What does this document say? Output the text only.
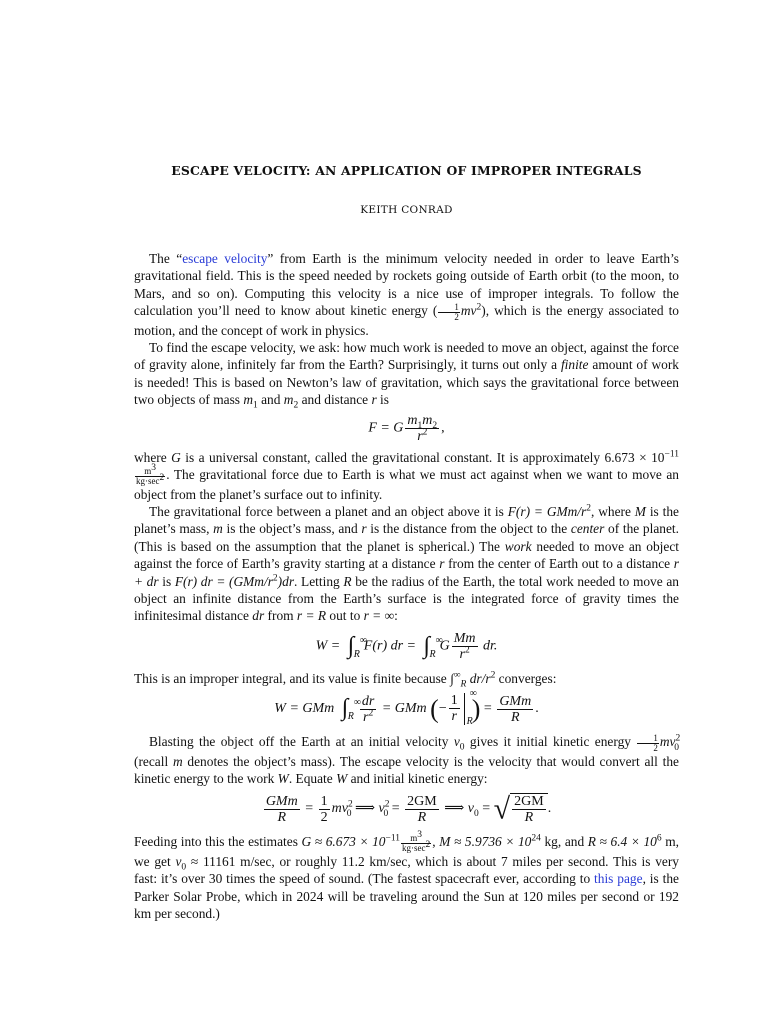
ESCAPE VELOCITY: AN APPLICATION OF IMPROPER INTEGRALS
KEITH CONRAD

The “escape velocity” from Earth is the minimum velocity needed in order to leave Earth’s gravitational field. This is the speed needed by rockets going outside of Earth orbit (to the moon, to Mars, and so on). Computing this velocity is a nice use of improper integrals. To follow the calculation you’ll need to know about kinetic energy ( $\frac{1}{2} mv^2$), which is the energy associated to motion, and the concept of work in physics.

To find the escape velocity, we ask: how much work is needed to move an object, against the force of gravity alone, infinitely far from the Earth? Surprisingly, it turns out only a finite amount of work is needed! This is based on Newton’s law of gravitation, which says the gravitational force between two objects of mass $m_1$ and $m_2$ and distance r is

F = G $\frac{m_1m_2}{r^2}$ ,

where G is a universal constant, called the gravitational constant. It is approximately $6.673 \times 10^{-11}$
$\frac{m^3}{kg\cdot\sec^2}$ . The gravitational force due to Earth is what we must act against when we want to move an object from the planet’s surface out to infinity.

The gravitational force between a planet and an object above it is F(r) = GMm/$r^2$, where M is the planet’s mass, m is the object’s mass, and r is the distance from the object to the center of the planet. (This is based on the assumption that the planet is spherical.) The work needed to move an object against the force of Earth’s gravity starting at a distance r from the center of Earth out to a distance r + dr is F(r) dr = $(GMm/r^2)dr$. Letting R be the radius of the Earth, the total work needed to move an object an infinite distance from the Earth’s surface is the integrated force of gravity times the infinitesimal distance dr from r = R out to r = ∞:

W = ∫ ∞
R
F(r) dr = ∫ ∞
R
G $\frac{Mm}{r^2}$ dr.

This is an improper integral, and its value is finite because $\int^\infty_R$ $dr/r^2$ converges:

W = GMm ∫ ∞
R
$\frac{dr}{r^2}$ = GMm (− $\frac{1}{r}$ ∞
R ) = $\frac{\text{GMm}}{R}$ .

Blasting the object off the Earth at an initial velocity $v_0$ gives it initial kinetic energy $\frac{1}{2} mv^2_0$ (recall m denotes the object’s mass). The escape velocity is the velocity that would convert all the kinetic energy to the work W. Equate W and initial kinetic energy:

$\frac{\text{GMm}}{R} = \frac{1}{2} mv^2_0$ ⟹ $v^2_0 = \frac{2GM}{R}$ ⟹ $v_0$ = √ $\frac{2GM}{R}$ .

Feeding into this the estimates $G \approx 6.673 \times 10^{-11} \frac{m^3}{kg\cdot\sec^2}$ , $M \approx 5.9736 \times 10^{24}$ kg, and $R \approx 6.4 \times 10^6$ m, we get $v_0 \approx 11161$ m/sec, or roughly 11.2 km/sec, which is about 7 miles per second. This is very fast: it’s over 30 times the speed of sound. (The fastest spacecraft ever, according to this page, is the Parker Solar Probe, which in 2024 will be traveling around the Sun at 120 miles per second or 192 km per second.)
